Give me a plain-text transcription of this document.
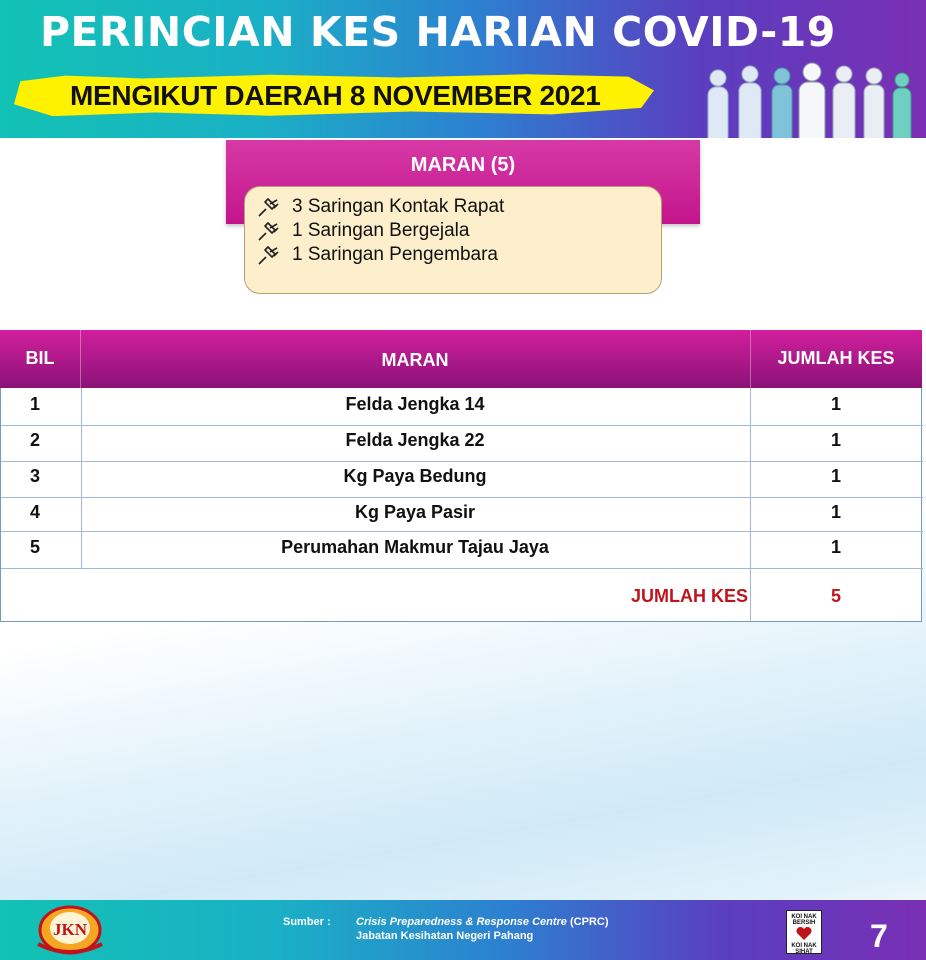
PERINCIAN KES HARIAN COVID-19
MENGIKUT DAERAH 8 NOVEMBER 2021
MARAN (5)
3 Saringan Kontak Rapat
1 Saringan Bergejala
1 Saringan Pengembara
BIL	MARAN	JUMLAH KES
1	Felda Jengka 14	1
2	Felda Jengka 22	1
3	Kg Paya Bedung	1
4	Kg Paya Pasir	1
5	Perumahan Makmur Tajau Jaya	1
JUMLAH KES	5
JKN	Sumber : Crisis Preparedness & Response Centre (CPRC)
Jabatan Kesihatan Negeri Pahang
KOI NAK BERSIH
KOI NAK SIHAT 7
